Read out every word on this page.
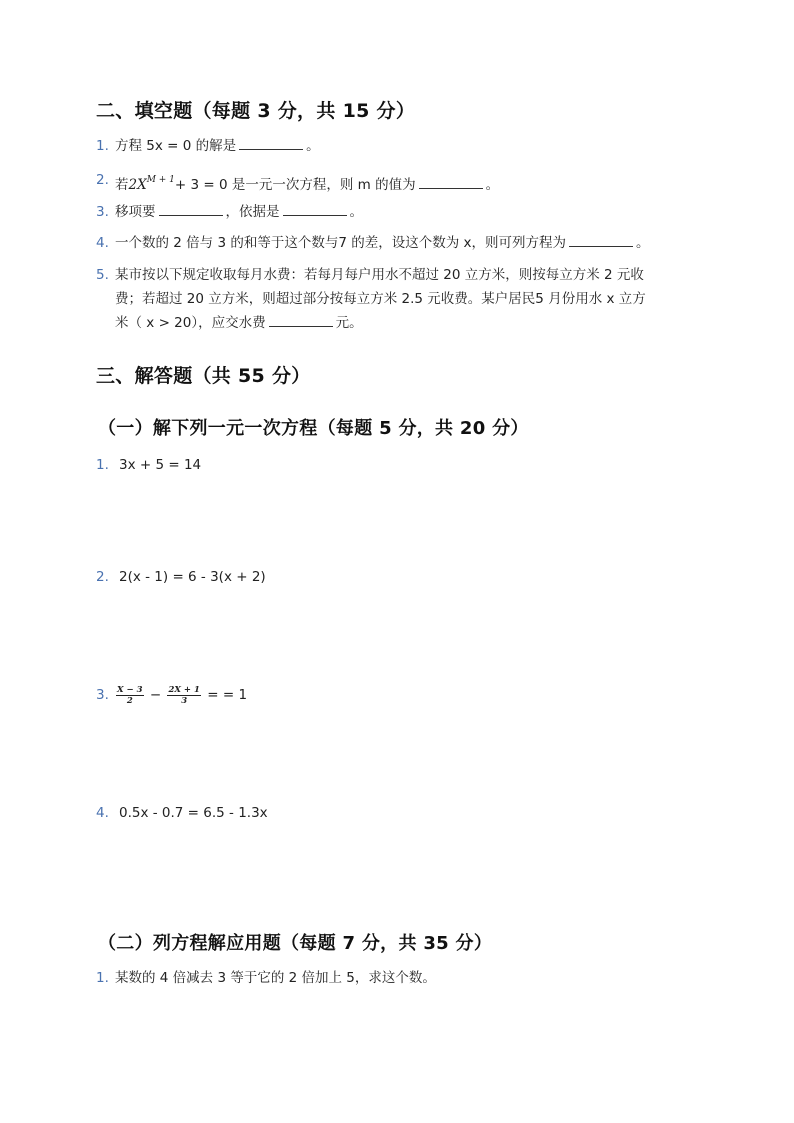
二、填空题（每题 3 分，共 15 分）
1. 方程 5x = 0 的解是	。
2. 若$2X^{M + 1}+ 3 = 0$ 是一元一次方程，则 m 的值为	。
3. 移项要	，依据是	。
4. 一个数的 2 倍与 3 的和等于这个数与7 的差，设这个数为 x，则可列方程为	。
5. 某市按以下规定收取每月水费：若每月每户用水不超过 20 立方米，则按每立方米 2 元收
费；若超过 20 立方米，则超过部分按每立方米 2.5 元收费。某户居民5 月份用水 x 立方
米（ x > 20），应交水费	元。
三、解答题（共 55 分）
（一）解下列一元一次方程（每题 5 分，共 20 分）
1. 3x + 5 = 14
2. 2(x - 1) = 6 - 3(x + 2)
3. $\frac{X - 3}{2} - \frac{2X + 1}{3}$ = = 1
4. 0.5x - 0.7 = 6.5 - 1.3x
（二）列方程解应用题（每题 7 分，共 35 分）
1. 某数的 4 倍减去 3 等于它的 2 倍加上 5，求这个数。
